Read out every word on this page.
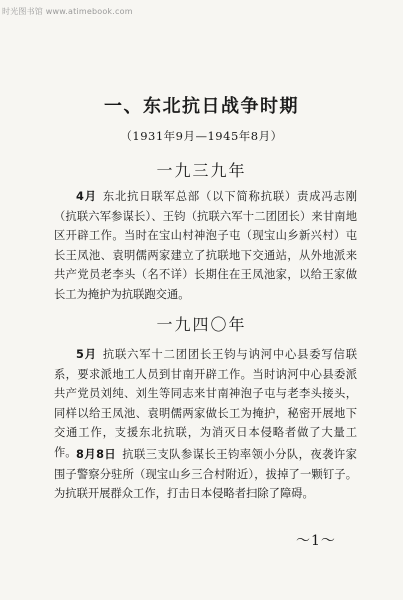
时光图书馆 www.atimebook.com
一、东北抗日战争时期
（1931年9月—1945年8月）
一九三九年
4月 东北抗日联军总部（以下简称抗联）责成冯志刚（抗联六军参谋长）、王钧（抗联六军十二团团长）来甘南地区开辟工作。当时在宝山村神泡子屯（现宝山乡新兴村）屯长王凤池、袁明儒两家建立了抗联地下交通站，从外地派来共产党员老李头（名不详）长期住在王凤池家，以给王家做长工为掩护为抗联跑交通。
一九四〇年
5月 抗联六军十二团团长王钧与讷河中心县委写信联系，要求派地工人员到甘南开辟工作。当时讷河中心县委派共产党员刘纯、刘生等同志来甘南神泡子屯与老李头接头，同样以给王凤池、袁明儒两家做长工为掩护，秘密开展地下交通工作，支援东北抗联，为消灭日本侵略者做了大量工作。 8月8日 抗联三支队参谋长王钧率领小分队，夜袭许家围子警察分驻所（现宝山乡三合村附近），拔掉了一颗钉子。为抗联开展群众工作，打击日本侵略者扫除了障碍。
～1～
